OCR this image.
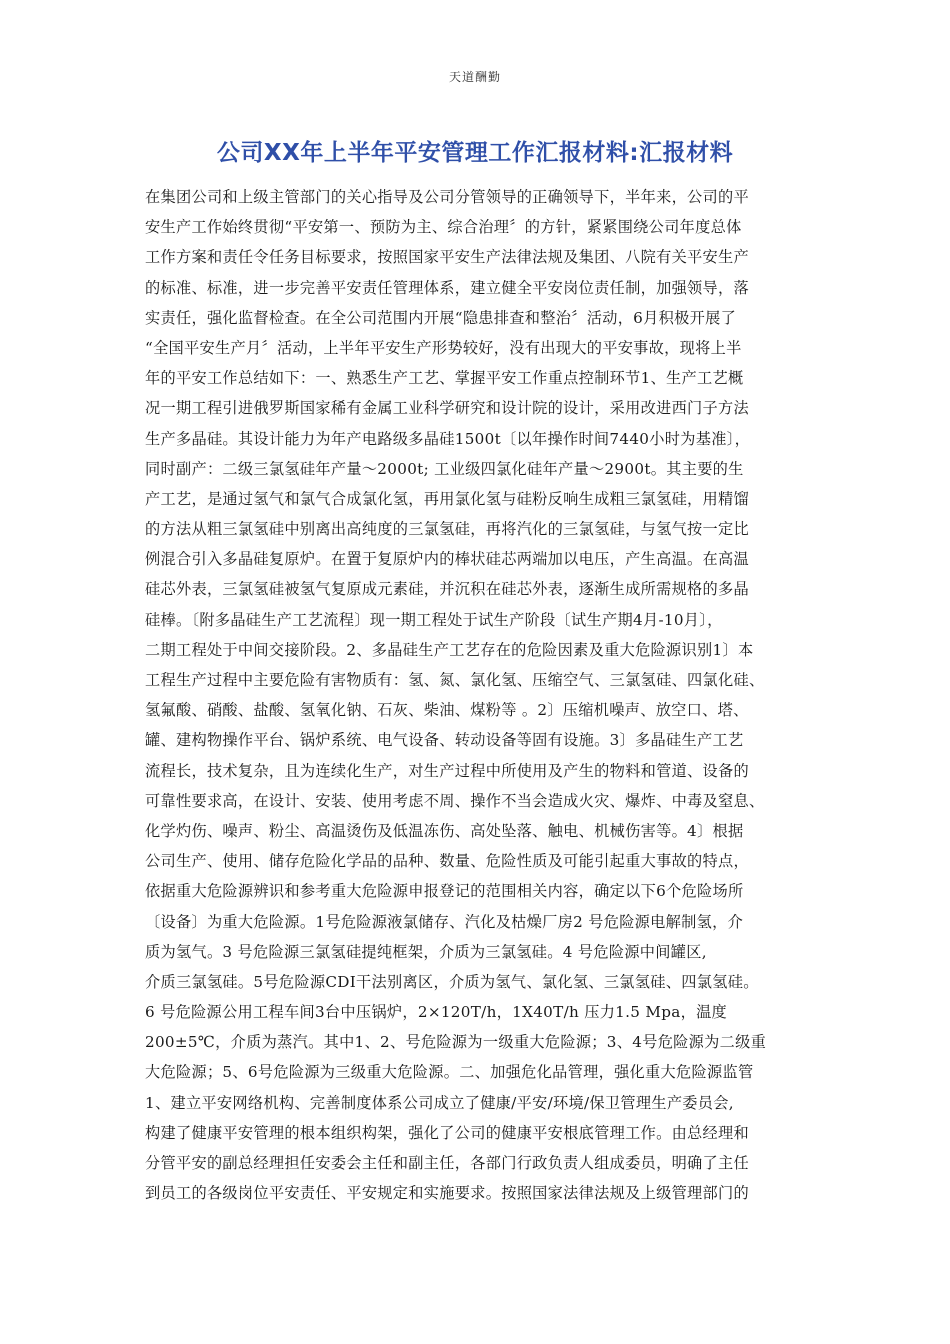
天道酬勤
公司XX年上半年平安管理工作汇报材料:汇报材料
在集团公司和上级主管部门的关心指导及公司分管领导的正确领导下，半年来，公司的平
安生产工作始终贯彻“平安第一、预防为主、综合治理〞的方针，紧紧围绕公司年度总体
工作方案和责任令任务目标要求，按照国家平安生产法律法规及集团、八院有关平安生产
的标准、标准，进一步完善平安责任管理体系，建立健全平安岗位责任制，加强领导，落
实责任，强化监督检查。在全公司范围内开展“隐患排查和整治〞活动，6月积极开展了
“全国平安生产月〞活动，上半年平安生产形势较好，没有出现大的平安事故，现将上半
年的平安工作总结如下：一、熟悉生产工艺、掌握平安工作重点控制环节1、生产工艺概
况一期工程引进俄罗斯国家稀有金属工业科学研究和设计院的设计，采用改进西门子方法
生产多晶硅。其设计能力为年产电路级多晶硅1500t〔以年操作时间7440小时为基准〕，
同时副产：二级三氯氢硅年产量～2000t; 工业级四氯化硅年产量～2900t。其主要的生
产工艺，是通过氢气和氯气合成氯化氢，再用氯化氢与硅粉反响生成粗三氯氢硅，用精馏
的方法从粗三氯氢硅中别离出高纯度的三氯氢硅，再将汽化的三氯氢硅，与氢气按一定比
例混合引入多晶硅复原炉。在置于复原炉内的棒状硅芯两端加以电压，产生高温。在高温
硅芯外表，三氯氢硅被氢气复原成元素硅，并沉积在硅芯外表，逐渐生成所需规格的多晶
硅棒。〔附多晶硅生产工艺流程〕现一期工程处于试生产阶段〔试生产期4月-10月〕，
二期工程处于中间交接阶段。2、多晶硅生产工艺存在的危险因素及重大危险源识别1〕本
工程生产过程中主要危险有害物质有：氢、氮、氯化氢、压缩空气、三氯氢硅、四氯化硅、
氢氟酸、硝酸、盐酸、氢氧化钠、石灰、柴油、煤粉等 。2〕压缩机噪声、放空口、塔、
罐、建构物操作平台、锅炉系统、电气设备、转动设备等固有设施。3〕多晶硅生产工艺
流程长，技术复杂，且为连续化生产，对生产过程中所使用及产生的物料和管道、设备的
可靠性要求高，在设计、安装、使用考虑不周、操作不当会造成火灾、爆炸、中毒及窒息、
化学灼伤、噪声、粉尘、高温烫伤及低温冻伤、高处坠落、触电、机械伤害等。4〕根据
公司生产、使用、储存危险化学品的品种、数量、危险性质及可能引起重大事故的特点，
依据重大危险源辨识和参考重大危险源申报登记的范围相关内容，确定以下6个危险场所
〔设备〕为重大危险源。1号危险源液氯储存、汽化及枯燥厂房2 号危险源电解制氢，介
质为氢气。3 号危险源三氯氢硅提纯框架，介质为三氯氢硅。4 号危险源中间罐区,
介质三氯氢硅。5号危险源CDI干法别离区，介质为氢气、氯化氢、三氯氢硅、四氯氢硅。
6 号危险源公用工程车间3台中压锅炉，2×120T/h，1X40T/h 压力1.5 Mpa，温度
200±5℃，介质为蒸汽。其中1、2、号危险源为一级重大危险源；3、4号危险源为二级重
大危险源；5、6号危险源为三级重大危险源。二、加强危化品管理，强化重大危险源监管
1、建立平安网络机构、完善制度体系公司成立了健康/平安/环境/保卫管理生产委员会,
构建了健康平安管理的根本组织构架，强化了公司的健康平安根底管理工作。由总经理和
分管平安的副总经理担任安委会主任和副主任，各部门行政负责人组成委员，明确了主任
到员工的各级岗位平安责任、平安规定和实施要求。按照国家法律法规及上级管理部门的
